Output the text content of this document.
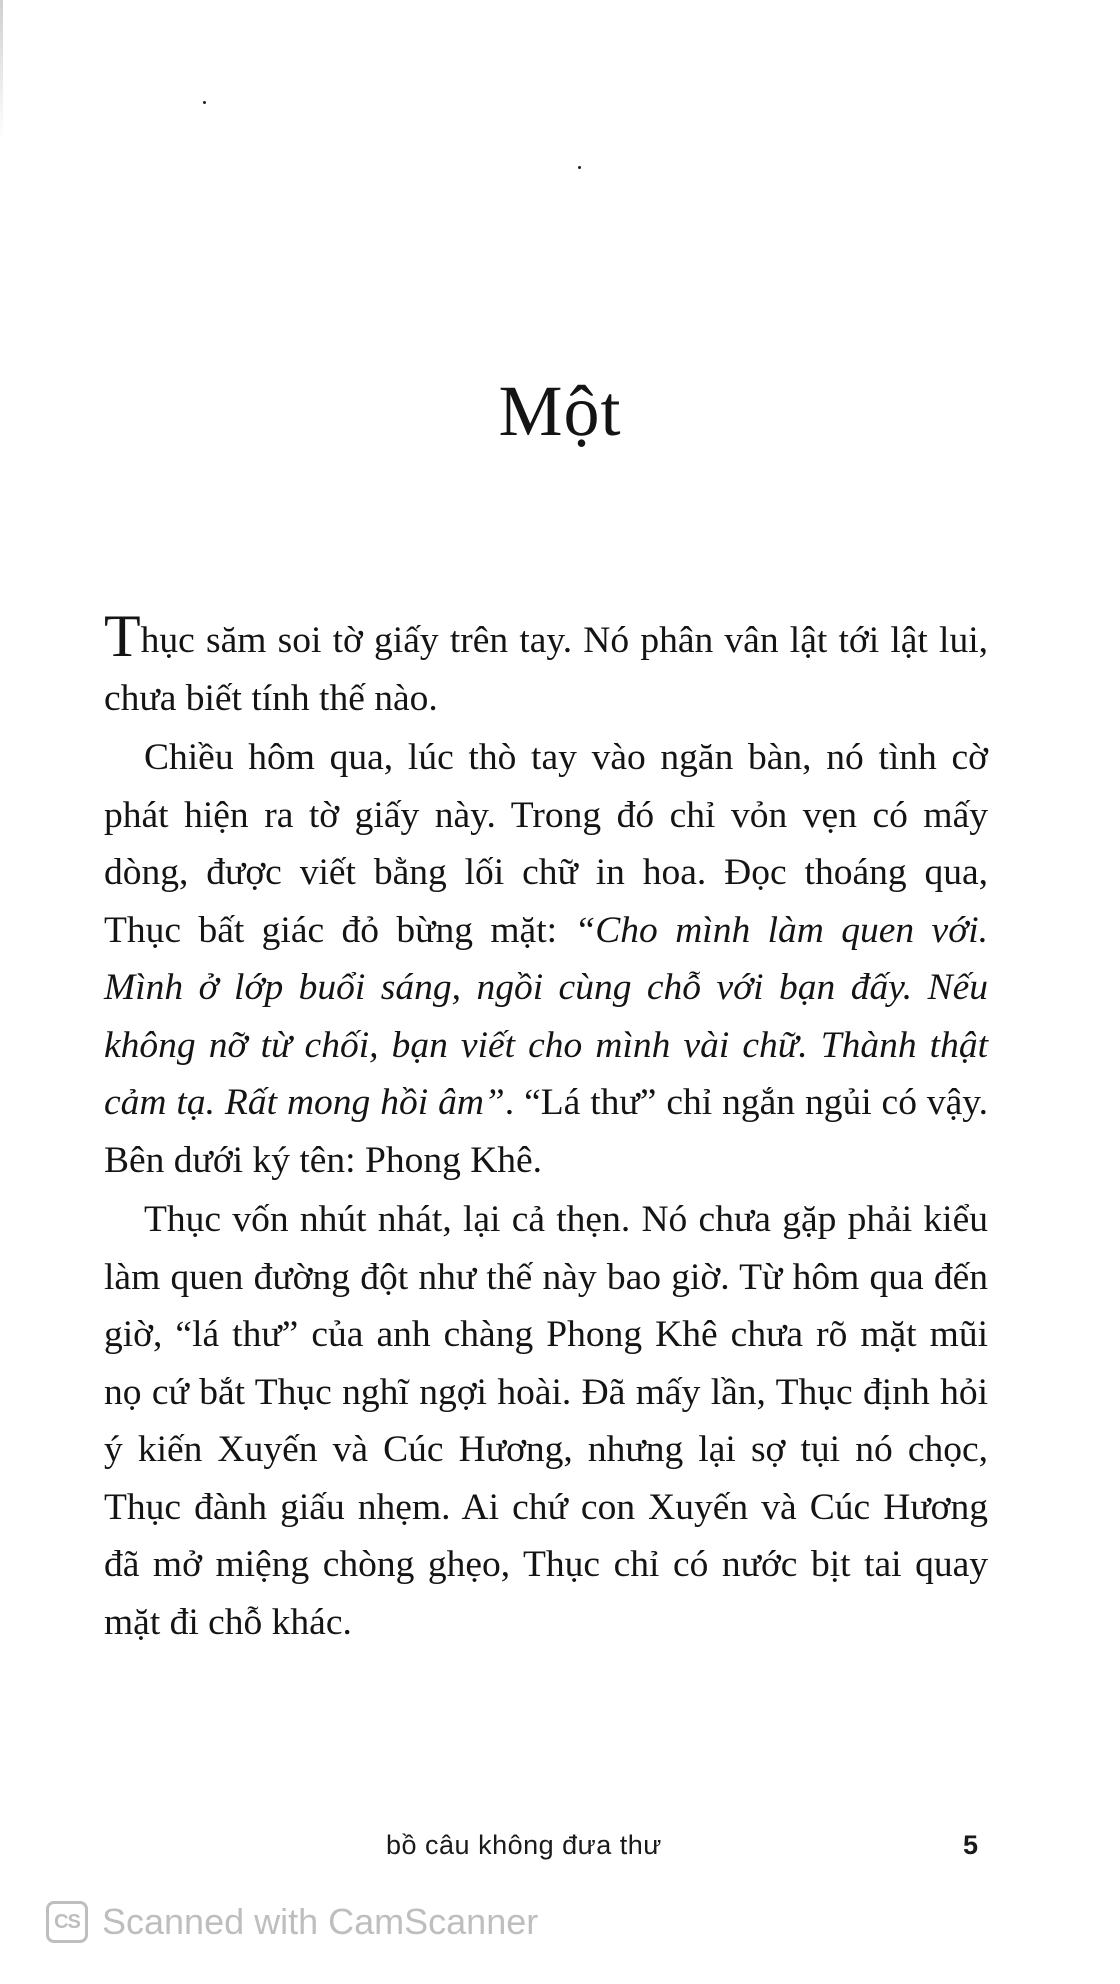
Một

Thục săm soi tờ giấy trên tay. Nó phân vân lật tới lật lui, chưa biết tính thế nào.

Chiều hôm qua, lúc thò tay vào ngăn bàn, nó tình cờ phát hiện ra tờ giấy này. Trong đó chỉ vỏn vẹn có mấy dòng, được viết bằng lối chữ in hoa. Đọc thoáng qua, Thục bất giác đỏ bừng mặt: “Cho mình làm quen với. Mình ở lớp buổi sáng, ngồi cùng chỗ với bạn đấy. Nếu không nỡ từ chối, bạn viết cho mình vài chữ. Thành thật cảm tạ. Rất mong hồi âm”. “Lá thư” chỉ ngắn ngủi có vậy. Bên dưới ký tên: Phong Khê.

Thục vốn nhút nhát, lại cả thẹn. Nó chưa gặp phải kiểu làm quen đường đột như thế này bao giờ. Từ hôm qua đến giờ, “lá thư” của anh chàng Phong Khê chưa rõ mặt mũi nọ cứ bắt Thục nghĩ ngợi hoài. Đã mấy lần, Thục định hỏi ý kiến Xuyến và Cúc Hương, nhưng lại sợ tụi nó chọc, Thục đành giấu nhẹm. Ai chứ con Xuyến và Cúc Hương đã mở miệng chòng ghẹo, Thục chỉ có nước bịt tai quay mặt đi chỗ khác.

bồ câu không đưa thư	5
CS Scanned with CamScanner
